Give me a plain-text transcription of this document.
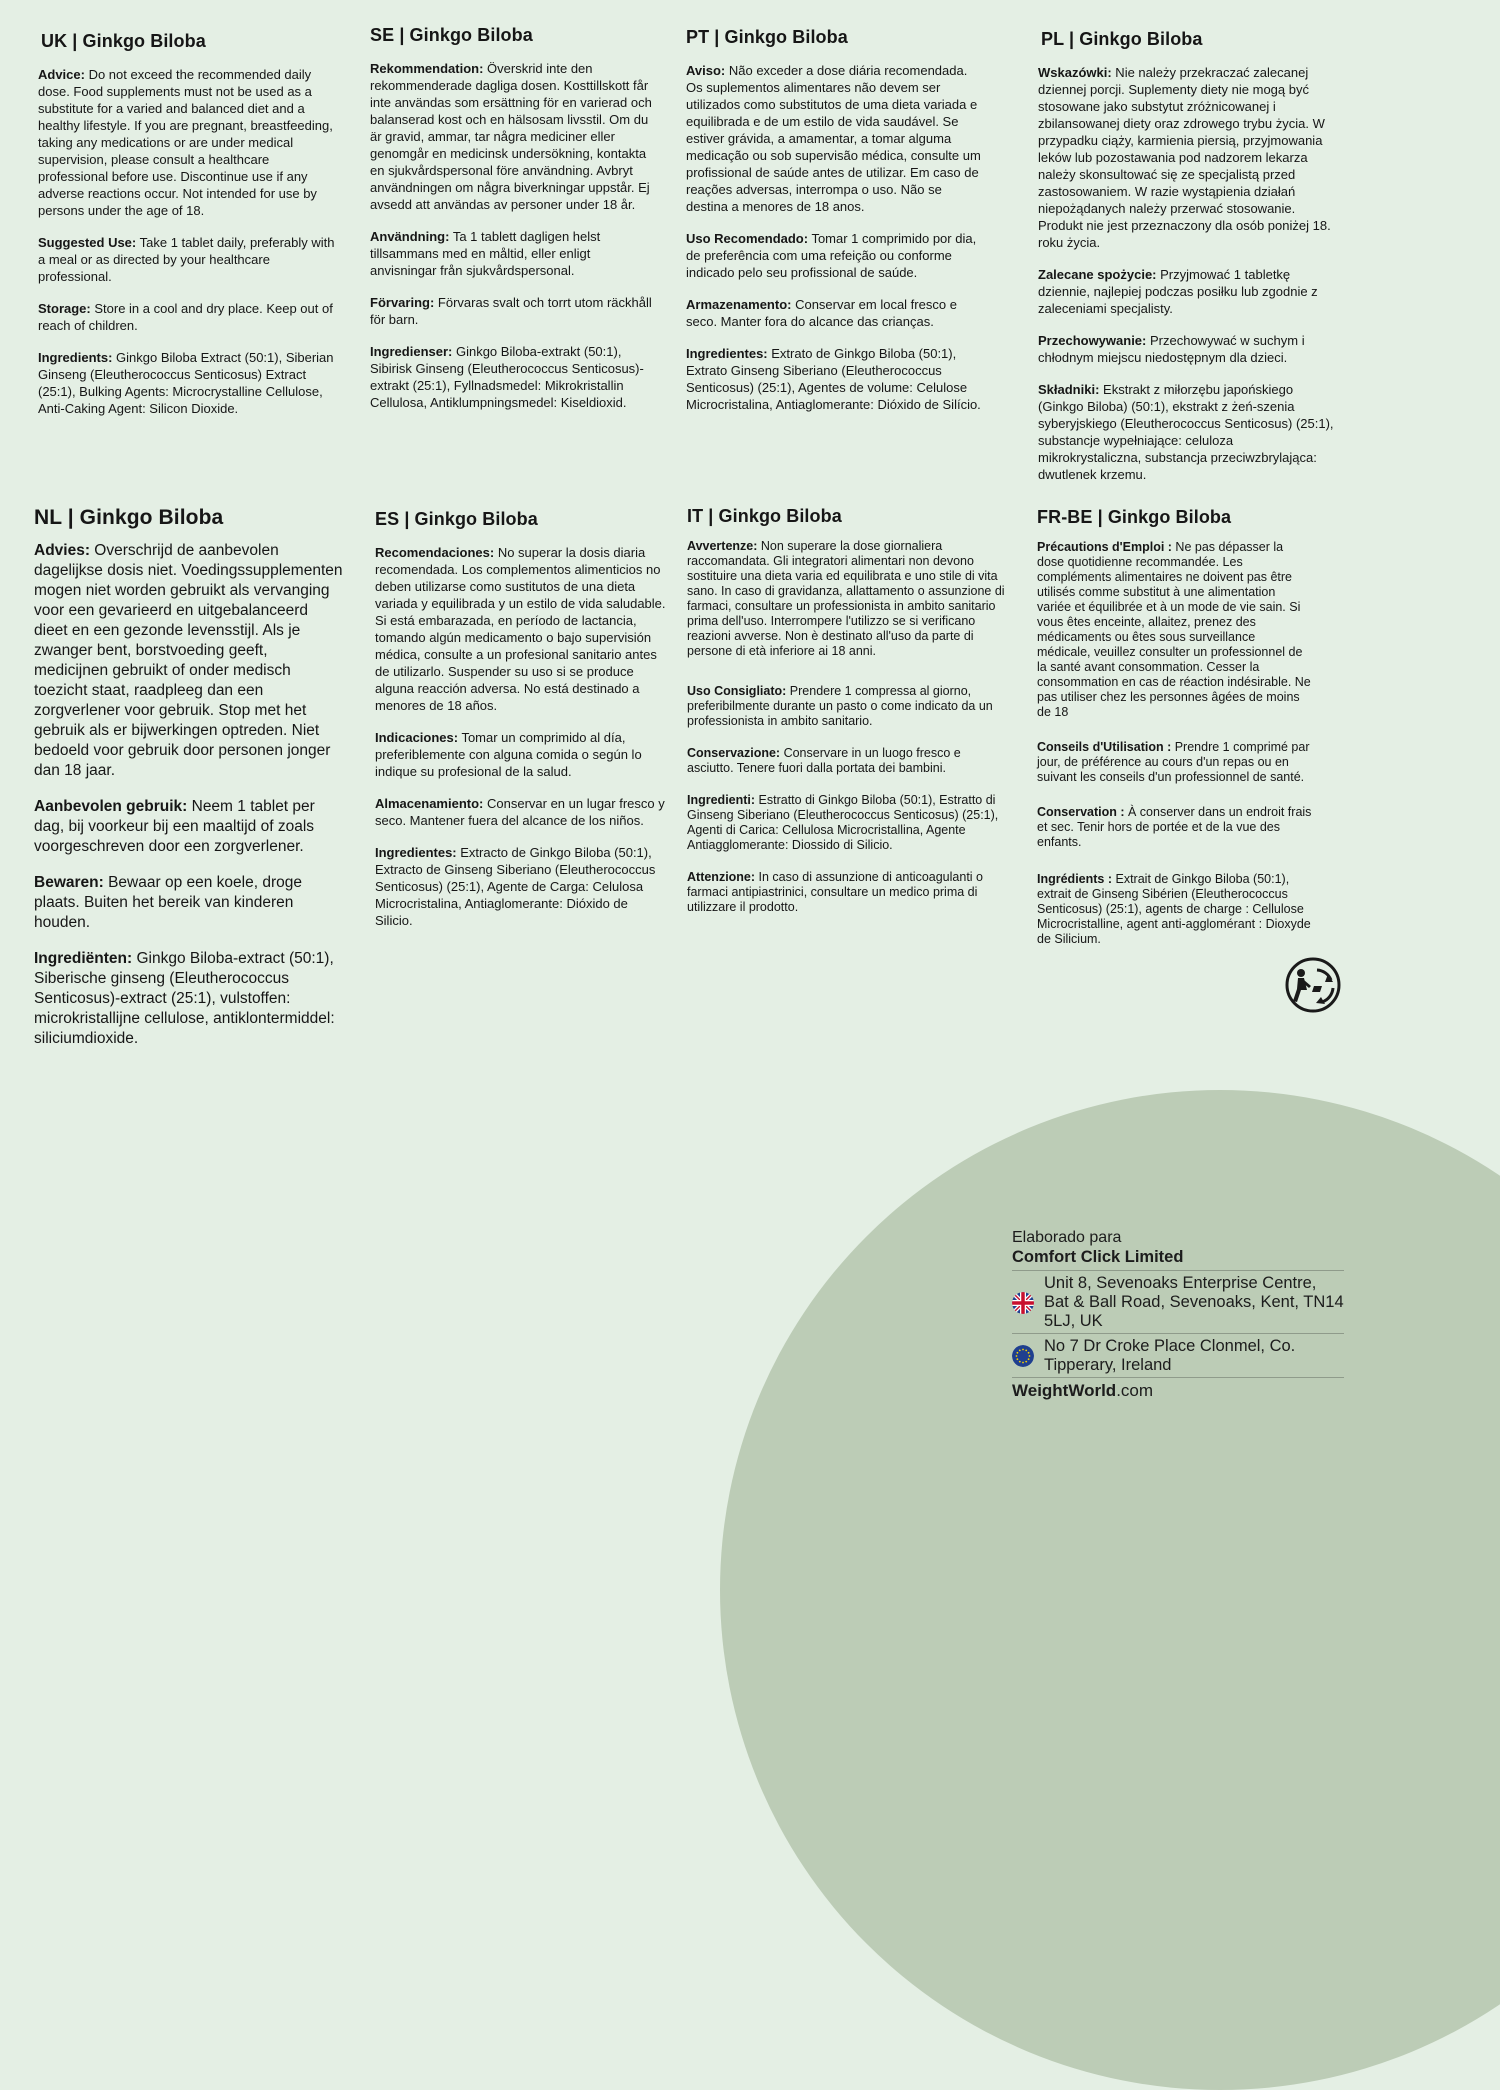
UK | Ginkgo Biloba

Advice: Do not exceed the recommended daily dose. Food supplements must not be used as a substitute for a varied and balanced diet and a healthy lifestyle. If you are pregnant, breastfeeding, taking any medications or are under medical supervision, please consult a healthcare professional before use. Discontinue use if any adverse reactions occur. Not intended for use by persons under the age of 18.

Suggested Use: Take 1 tablet daily, preferably with a meal or as directed by your healthcare professional.

Storage: Store in a cool and dry place. Keep out of reach of children.

Ingredients: Ginkgo Biloba Extract (50:1), Siberian Ginseng (Eleutherococcus Senticosus) Extract (25:1), Bulking Agents: Microcrystalline Cellulose, Anti-Caking Agent: Silicon Dioxide.

SE | Ginkgo Biloba

Rekommendation: Överskrid inte den rekommenderade dagliga dosen. Kosttillskott får inte användas som ersättning för en varierad och balanserad kost och en hälsosam livsstil. Om du är gravid, ammar, tar några mediciner eller genomgår en medicinsk undersökning, kontakta en sjukvårdspersonal före användning. Avbryt användningen om några biverkningar uppstår. Ej avsedd att användas av personer under 18 år.

Användning: Ta 1 tablett dagligen helst tillsammans med en måltid, eller enligt anvisningar från sjukvårdspersonal.

Förvaring: Förvaras svalt och torrt utom räckhåll för barn.

Ingredienser: Ginkgo Biloba-extrakt (50:1), Sibirisk Ginseng (Eleutherococcus Senticosus)-extrakt (25:1), Fyllnadsmedel: Mikrokristallin Cellulosa, Antiklumpningsmedel: Kiseldioxid.

PT | Ginkgo Biloba

Aviso: Não exceder a dose diária recomendada. Os suplementos alimentares não devem ser utilizados como substitutos de uma dieta variada e equilibrada e de um estilo de vida saudável. Se estiver grávida, a amamentar, a tomar alguma medicação ou sob supervisão médica, consulte um profissional de saúde antes de utilizar. Em caso de reações adversas, interrompa o uso. Não se destina a menores de 18 anos.

Uso Recomendado: Tomar 1 comprimido por dia, de preferência com uma refeição ou conforme indicado pelo seu profissional de saúde.

Armazenamento: Conservar em local fresco e seco. Manter fora do alcance das crianças.

Ingredientes: Extrato de Ginkgo Biloba (50:1), Extrato Ginseng Siberiano (Eleutherococcus Senticosus) (25:1), Agentes de volume: Celulose Microcristalina, Antiaglomerante: Dióxido de Silício.

PL | Ginkgo Biloba

Wskazówki: Nie należy przekraczać zalecanej dziennej porcji. Suplementy diety nie mogą być stosowane jako substytut zróżnicowanej i zbilansowanej diety oraz zdrowego trybu życia. W przypadku ciąży, karmienia piersią, przyjmowania leków lub pozostawania pod nadzorem lekarza należy skonsultować się ze specjalistą przed zastosowaniem. W razie wystąpienia działań niepożądanych należy przerwać stosowanie. Produkt nie jest przeznaczony dla osób poniżej 18. roku życia.

Zalecane spożycie: Przyjmować 1 tabletkę dziennie, najlepiej podczas posiłku lub zgodnie z zaleceniami specjalisty.

Przechowywanie: Przechowywać w suchym i chłodnym miejscu niedostępnym dla dzieci.

Składniki: Ekstrakt z miłorzębu japońskiego (Ginkgo Biloba) (50:1), ekstrakt z żeń-szenia syberyjskiego (Eleutherococcus Senticosus) (25:1), substancje wypełniające: celuloza mikrokrystaliczna, substancja przeciwzbrylająca: dwutlenek krzemu.

NL | Ginkgo Biloba

Advies: Overschrijd de aanbevolen dagelijkse dosis niet. Voedingssupplementen mogen niet worden gebruikt als vervanging voor een gevarieerd en uitgebalanceerd dieet en een gezonde levensstijl. Als je zwanger bent, borstvoeding geeft, medicijnen gebruikt of onder medisch toezicht staat, raadpleeg dan een zorgverlener voor gebruik. Stop met het gebruik als er bijwerkingen optreden. Niet bedoeld voor gebruik door personen jonger dan 18 jaar.

Aanbevolen gebruik: Neem 1 tablet per dag, bij voorkeur bij een maaltijd of zoals voorgeschreven door een zorgverlener.

Bewaren: Bewaar op een koele, droge plaats. Buiten het bereik van kinderen houden.

Ingrediënten: Ginkgo Biloba-extract (50:1), Siberische ginseng (Eleutherococcus Senticosus)-extract (25:1), vulstoffen: microkristallijne cellulose, antiklontermiddel: siliciumdioxide.

ES | Ginkgo Biloba

Recomendaciones: No superar la dosis diaria recomendada. Los complementos alimenticios no deben utilizarse como sustitutos de una dieta variada y equilibrada y un estilo de vida saludable. Si está embarazada, en período de lactancia, tomando algún medicamento o bajo supervisión médica, consulte a un profesional sanitario antes de utilizarlo. Suspender su uso si se produce alguna reacción adversa. No está destinado a menores de 18 años.

Indicaciones: Tomar un comprimido al día, preferiblemente con alguna comida o según lo indique su profesional de la salud.

Almacenamiento: Conservar en un lugar fresco y seco. Mantener fuera del alcance de los niños.

Ingredientes: Extracto de Ginkgo Biloba (50:1), Extracto de Ginseng Siberiano (Eleutherococcus Senticosus) (25:1), Agente de Carga: Celulosa Microcristalina, Antiaglomerante: Dióxido de Silicio.

IT | Ginkgo Biloba

Avvertenze: Non superare la dose giornaliera raccomandata. Gli integratori alimentari non devono sostituire una dieta varia ed equilibrata e uno stile di vita sano. In caso di gravidanza, allattamento o assunzione di farmaci, consultare un professionista in ambito sanitario prima dell'uso. Interrompere l'utilizzo se si verificano reazioni avverse. Non è destinato all'uso da parte di persone di età inferiore ai 18 anni.

Uso Consigliato: Prendere 1 compressa al giorno, preferibilmente durante un pasto o come indicato da un professionista in ambito sanitario.

Conservazione: Conservare in un luogo fresco e asciutto. Tenere fuori dalla portata dei bambini.

Ingredienti: Estratto di Ginkgo Biloba (50:1), Estratto di Ginseng Siberiano (Eleutherococcus Senticosus) (25:1), Agenti di Carica: Cellulosa Microcristallina, Agente Antiagglomerante: Diossido di Silicio.

Attenzione: In caso di assunzione di anticoagulanti o farmaci antipiastrinici, consultare un medico prima di utilizzare il prodotto.

FR-BE | Ginkgo Biloba

Précautions d'Emploi : Ne pas dépasser la dose quotidienne recommandée. Les compléments alimentaires ne doivent pas être utilisés comme substitut à une alimentation variée et équilibrée et à un mode de vie sain. Si vous êtes enceinte, allaitez, prenez des médicaments ou êtes sous surveillance médicale, veuillez consulter un professionnel de la santé avant consommation. Cesser la consommation en cas de réaction indésirable. Ne pas utiliser chez les personnes âgées de moins de 18

Conseils d'Utilisation : Prendre 1 comprimé par jour, de préférence au cours d'un repas ou en suivant les conseils d'un professionnel de santé.

Conservation : À conserver dans un endroit frais et sec. Tenir hors de portée et de la vue des enfants.

Ingrédients : Extrait de Ginkgo Biloba (50:1), extrait de Ginseng Sibérien (Eleutherococcus Senticosus) (25:1), agents de charge : Cellulose Microcristalline, agent anti-agglomérant : Dioxyde de Silicium.

Elaborado para
Comfort Click Limited
Unit 8, Sevenoaks Enterprise Centre, Bat & Ball Road, Sevenoaks, Kent, TN14 5LJ, UK
No 7 Dr Croke Place Clonmel, Co. Tipperary, Ireland
WeightWorld.com
